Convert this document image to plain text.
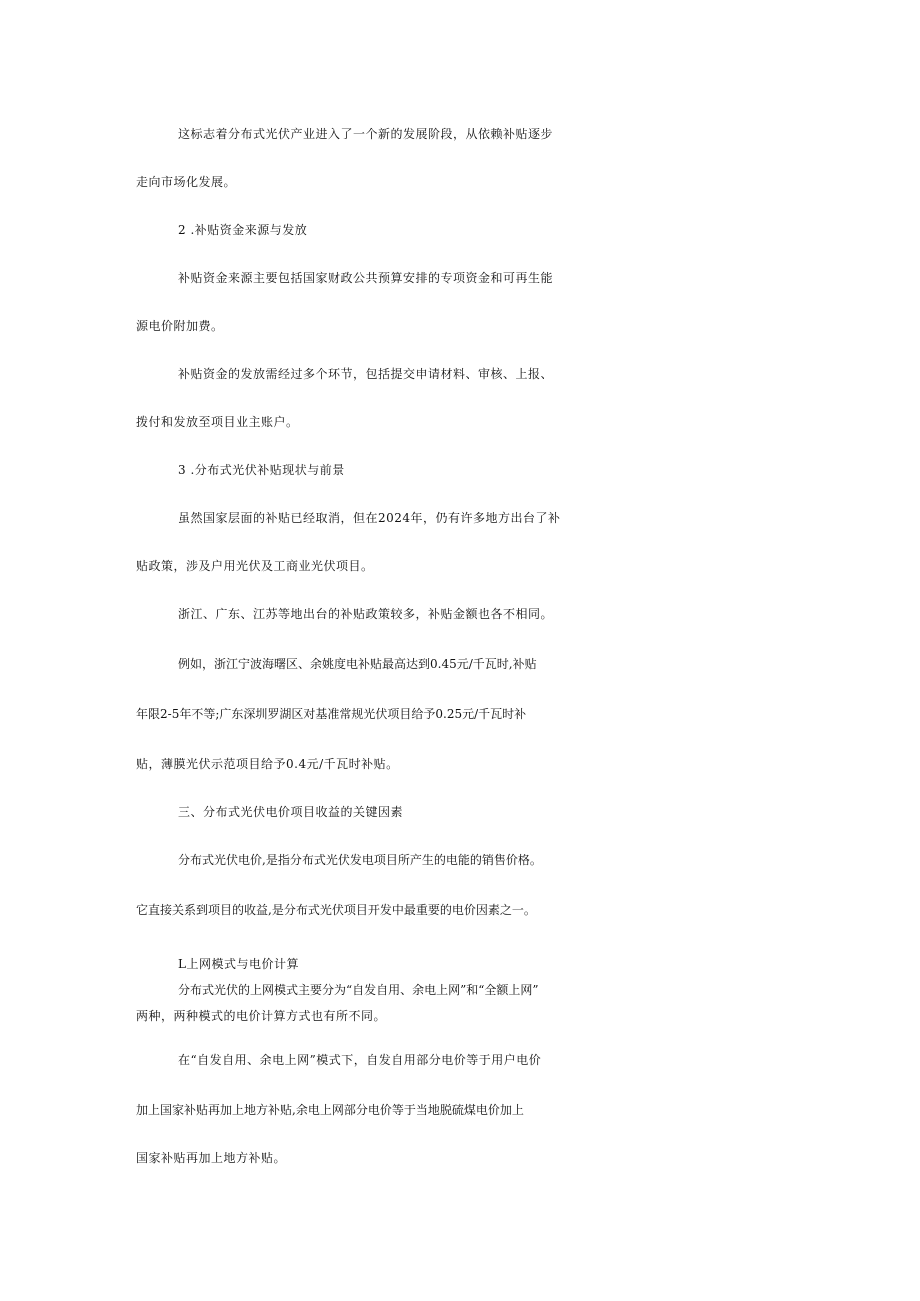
这标志着分布式光伏产业进入了一个新的发展阶段，从依赖补贴逐步
走向市场化发展。
2 .补贴资金来源与发放
补贴资金来源主要包括国家财政公共预算安排的专项资金和可再生能
源电价附加费。
补贴资金的发放需经过多个环节，包括提交申请材料、审核、上报、
拨付和发放至项目业主账户。
3 .分布式光伏补贴现状与前景
虽然国家层面的补贴已经取消，但在2024年，仍有许多地方出台了补
贴政策，涉及户用光伏及工商业光伏项目。
浙江、广东、江苏等地出台的补贴政策较多，补贴金额也各不相同。
例如，浙江宁波海曙区、余姚度电补贴最高达到0.45元/千瓦时,补贴
年限2-5年不等;广东深圳罗湖区对基准常规光伏项目给予0.25元/千瓦时补
贴，薄膜光伏示范项目给予0.4元/千瓦时补贴。
三、分布式光伏电价项目收益的关键因素
分布式光伏电价,是指分布式光伏发电项目所产生的电能的销售价格。
它直接关系到项目的收益,是分布式光伏项目开发中最重要的电价因素之一。
L上网模式与电价计算
分布式光伏的上网模式主要分为“自发自用、余电上网”和“全额上网”
两种，两种模式的电价计算方式也有所不同。
在“自发自用、余电上网”模式下，自发自用部分电价等于用户电价
加上国家补贴再加上地方补贴,余电上网部分电价等于当地脱硫煤电价加上
国家补贴再加上地方补贴。
